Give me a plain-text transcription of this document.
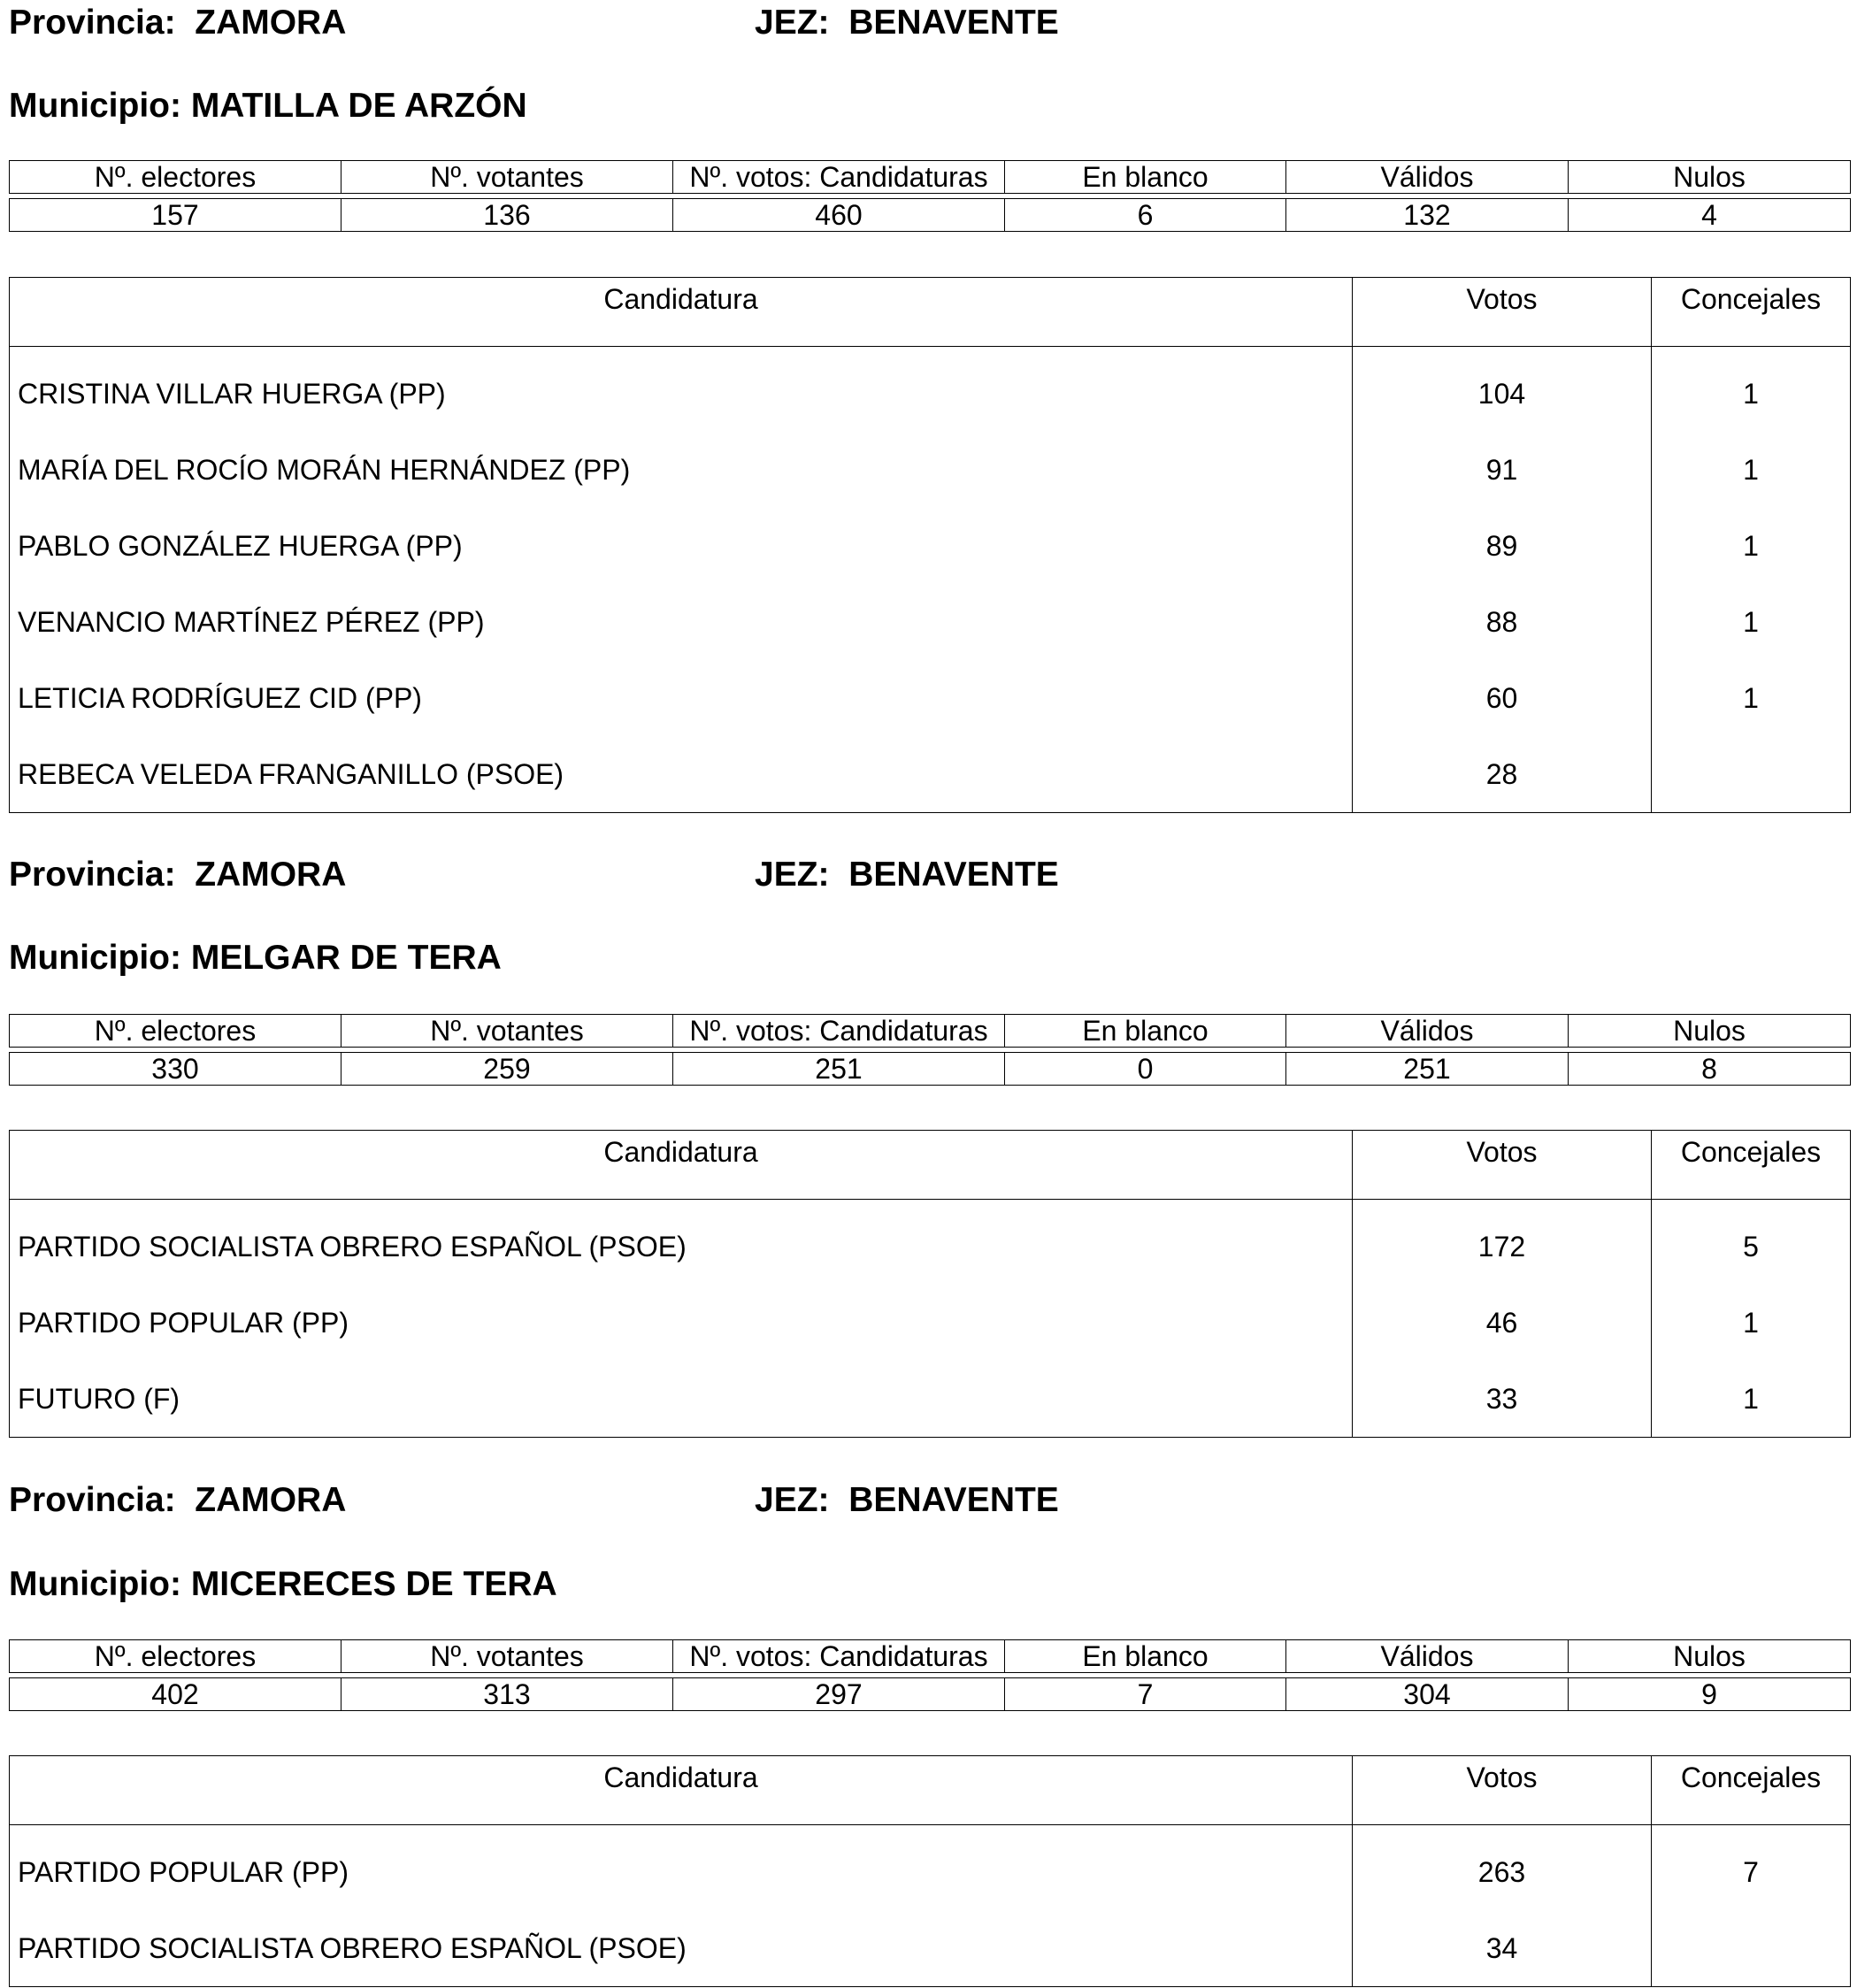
Provincia: ZAMORA	JEZ: BENAVENTE
Municipio: MATILLA DE ARZÓN
Nº. electores	Nº. votantes	Nº. votos: Candidaturas	En blanco	Válidos	Nulos
157	136	460	6	132	4
Candidatura	Votos	Concejales
CRISTINA VILLAR HUERGA (PP)	104	1
MARÍA DEL ROCÍO MORÁN HERNÁNDEZ (PP)	91	1
PABLO GONZÁLEZ HUERGA (PP)	89	1
VENANCIO MARTÍNEZ PÉREZ (PP)	88	1
LETICIA RODRÍGUEZ CID (PP)	60	1
REBECA VELEDA FRANGANILLO (PSOE)	28	
Provincia: ZAMORA	JEZ: BENAVENTE
Municipio: MELGAR DE TERA
Nº. electores	Nº. votantes	Nº. votos: Candidaturas	En blanco	Válidos	Nulos
330	259	251	0	251	8
Candidatura	Votos	Concejales
PARTIDO SOCIALISTA OBRERO ESPAÑOL (PSOE)	172	5
PARTIDO POPULAR (PP)	46	1
FUTURO (F)	33	1
Provincia: ZAMORA	JEZ: BENAVENTE
Municipio: MICERECES DE TERA
Nº. electores	Nº. votantes	Nº. votos: Candidaturas	En blanco	Válidos	Nulos
402	313	297	7	304	9
Candidatura	Votos	Concejales
PARTIDO POPULAR (PP)	263	7
PARTIDO SOCIALISTA OBRERO ESPAÑOL (PSOE)	34	
